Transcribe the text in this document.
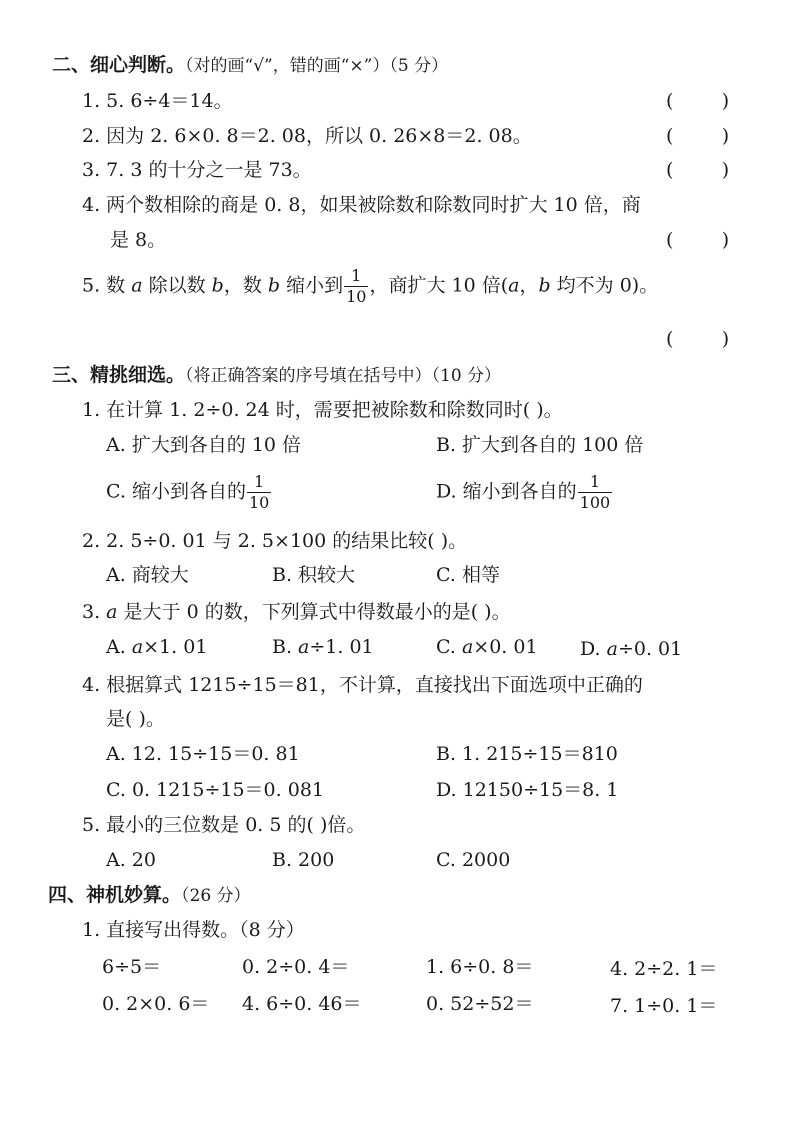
二、细心判断。（对的画“√”，错的画“×”）（5 分）
1. 5. 6÷4＝14。	(        )
2. 因为 2. 6×0. 8＝2. 08，所以 0. 26×8＝2. 08。	(        )
3. 7. 3 的十分之一是 73。	(        )
4. 两个数相除的商是 0. 8，如果被除数和除数同时扩大 10 倍，商
是 8。	(        )
5. 数 a 除以数 b，数 b 缩小到 $\frac{1}{10}$ ，商扩大 10 倍(a，b 均不为 0)。
(        )
三、精挑细选。（将正确答案的序号填在括号中）（10 分）
1. 在计算 1. 2÷0. 24 时，需要把被除数和除数同时( )。
A. 扩大到各自的 10 倍	B. 扩大到各自的 100 倍
C. 缩小到各自的 $\frac{1}{10}$	D. 缩小到各自的 $\frac{1}{100}$
2. 2. 5÷0. 01 与 2. 5×100 的结果比较( )。
A. 商较大	B. 积较大	C. 相等
3. a 是大于 0 的数，下列算式中得数最小的是( )。
A. a×1. 01	B. a÷1. 01	C. a×0. 01 D. a÷0. 01
4. 根据算式 1215÷15＝81，不计算，直接找出下面选项中正确的
是( )。
A. 12. 15÷15＝0. 81	B. 1. 215÷15＝810
C. 0. 1215÷15＝0. 081	D. 12150÷15＝8. 1
5. 最小的三位数是 0. 5 的( )倍。
A. 20	B. 200	C. 2000
四、神机妙算。（26 分）
1. 直接写出得数。（8 分）
6÷5＝	0. 2÷0. 4＝	1. 6÷0. 8＝	4. 2÷2. 1＝
0. 2×0. 6＝ 4. 6÷0. 46＝	0. 52÷52＝	7. 1÷0. 1＝
